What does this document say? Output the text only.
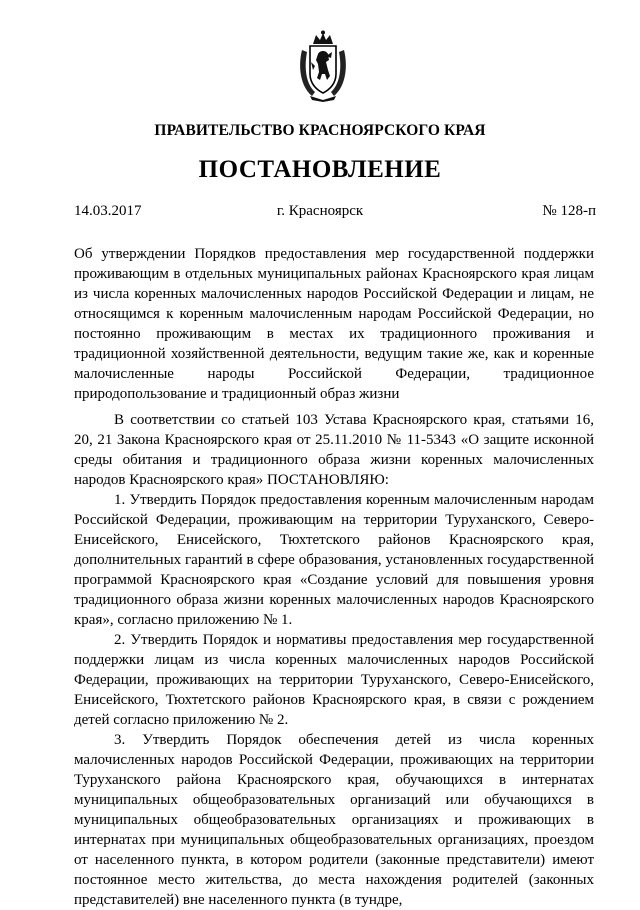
ПРАВИТЕЛЬСТВО КРАСНОЯРСКОГО КРАЯ
ПОСТАНОВЛЕНИЕ
14.03.2017	г. Красноярск	№ 128-п
Об утверждении Порядков предоставления мер государственной поддержки проживающим в отдельных муниципальных районах Красноярского края лицам из числа коренных малочисленных народов Российской Федерации и лицам, не относящимся к коренным малочисленным народам Российской Федерации, но постоянно проживающим в местах их традиционного проживания и традиционной хозяйственной деятельности, ведущим такие же, как и коренные малочисленные народы Российской Федерации, традиционное природопользование и традиционный образ жизни

В соответствии со статьей 103 Устава Красноярского края, статьями 16, 20, 21 Закона Красноярского края от 25.11.2010 № 11-5343 «О защите исконной среды обитания и традиционного образа жизни коренных малочисленных народов Красноярского края» ПОСТАНОВЛЯЮ:

1. Утвердить Порядок предоставления коренным малочисленным народам Российской Федерации, проживающим на территории Туруханского, Северо-Енисейского, Енисейского, Тюхтетского районов Красноярского края, дополнительных гарантий в сфере образования, установленных государственной программой Красноярского края «Создание условий для повышения уровня традиционного образа жизни коренных малочисленных народов Красноярского края», согласно приложению № 1.

2. Утвердить Порядок и нормативы предоставления мер государственной поддержки лицам из числа коренных малочисленных народов Российской Федерации, проживающих на территории Туруханского, Северо-Енисейского, Енисейского, Тюхтетского районов Красноярского края, в связи с рождением детей согласно приложению № 2.

3. Утвердить Порядок обеспечения детей из числа коренных малочисленных народов Российской Федерации, проживающих на территории Туруханского района Красноярского края, обучающихся в интернатах муниципальных общеобразовательных организаций или обучающихся в муниципальных общеобразовательных организациях и проживающих в интернатах при муниципальных общеобразовательных организациях, проездом от населенного пункта, в котором родители (законные представители) имеют постоянное место жительства, до места нахождения родителей (законных представителей) вне населенного пункта (в тундре,
